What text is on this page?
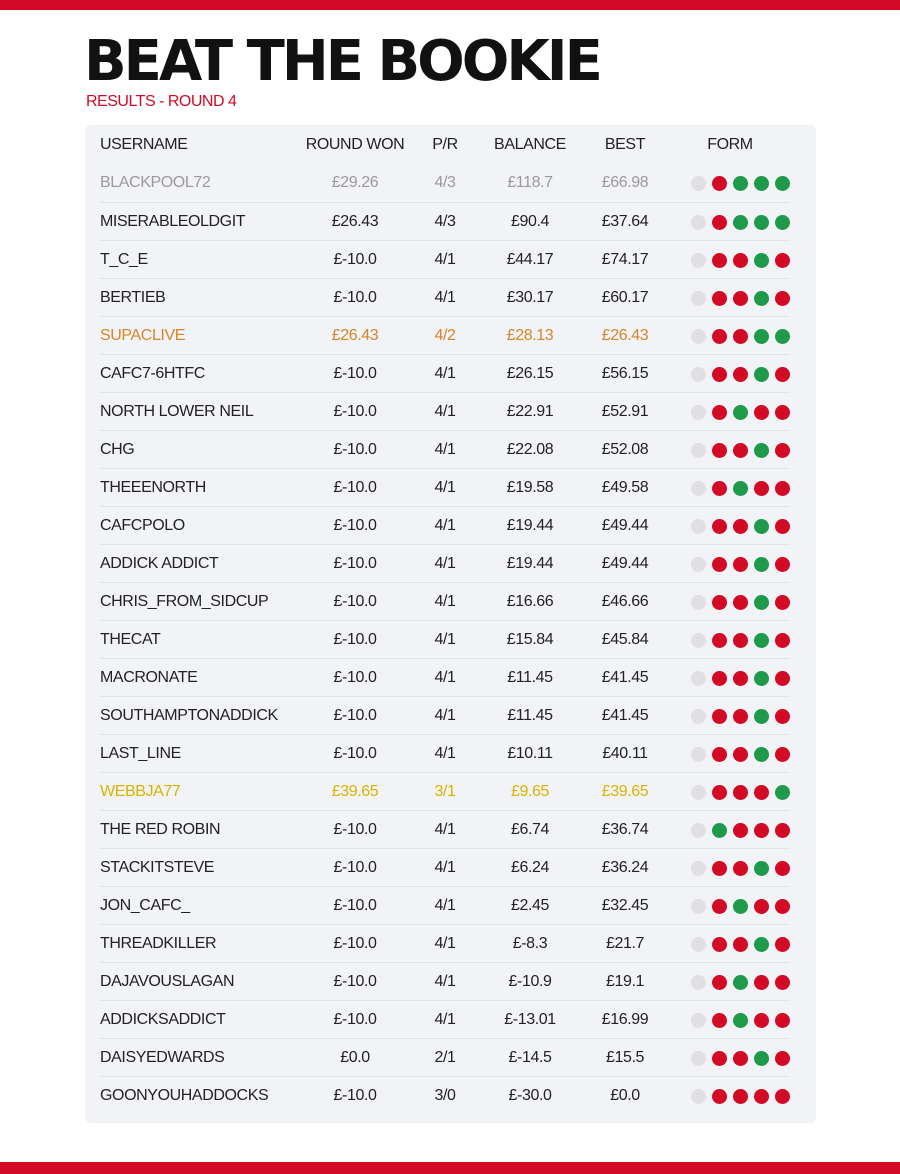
BEAT THE BOOKIE

RESULTS - ROUND 4

USERNAME	ROUND WON	P/R	BALANCE	BEST	FORM
BLACKPOOL72	£29.26	4/3	£118.7	£66.98
MISERABLEOLDGIT	£26.43	4/3	£90.4	£37.64
T_C_E	£-10.0	4/1	£44.17	£74.17
BERTIEB	£-10.0	4/1	£30.17	£60.17
SUPACLIVE	£26.43	4/2	£28.13	£26.43
CAFC7-6HTFC	£-10.0	4/1	£26.15	£56.15
NORTH LOWER NEIL	£-10.0	4/1	£22.91	£52.91
CHG	£-10.0	4/1	£22.08	£52.08
THEEENORTH	£-10.0	4/1	£19.58	£49.58
CAFCPOLO	£-10.0	4/1	£19.44	£49.44
ADDICK ADDICT	£-10.0	4/1	£19.44	£49.44
CHRIS_FROM_SIDCUP	£-10.0	4/1	£16.66	£46.66
THECAT	£-10.0	4/1	£15.84	£45.84
MACRONATE	£-10.0	4/1	£11.45	£41.45
SOUTHAMPTONADDICK	£-10.0	4/1	£11.45	£41.45
LAST_LINE	£-10.0	4/1	£10.11	£40.11
WEBBJA77	£39.65	3/1	£9.65	£39.65
THE RED ROBIN	£-10.0	4/1	£6.74	£36.74
STACKITSTEVE	£-10.0	4/1	£6.24	£36.24
JON_CAFC_	£-10.0	4/1	£2.45	£32.45
THREADKILLER	£-10.0	4/1	£-8.3	£21.7
DAJAVOUSLAGAN	£-10.0	4/1	£-10.9	£19.1
ADDICKSADDICT	£-10.0	4/1	£-13.01	£16.99
DAISYEDWARDS	£0.0	2/1	£-14.5	£15.5
GOONYOUHADDOCKS	£-10.0	3/0	£-30.0	£0.0
